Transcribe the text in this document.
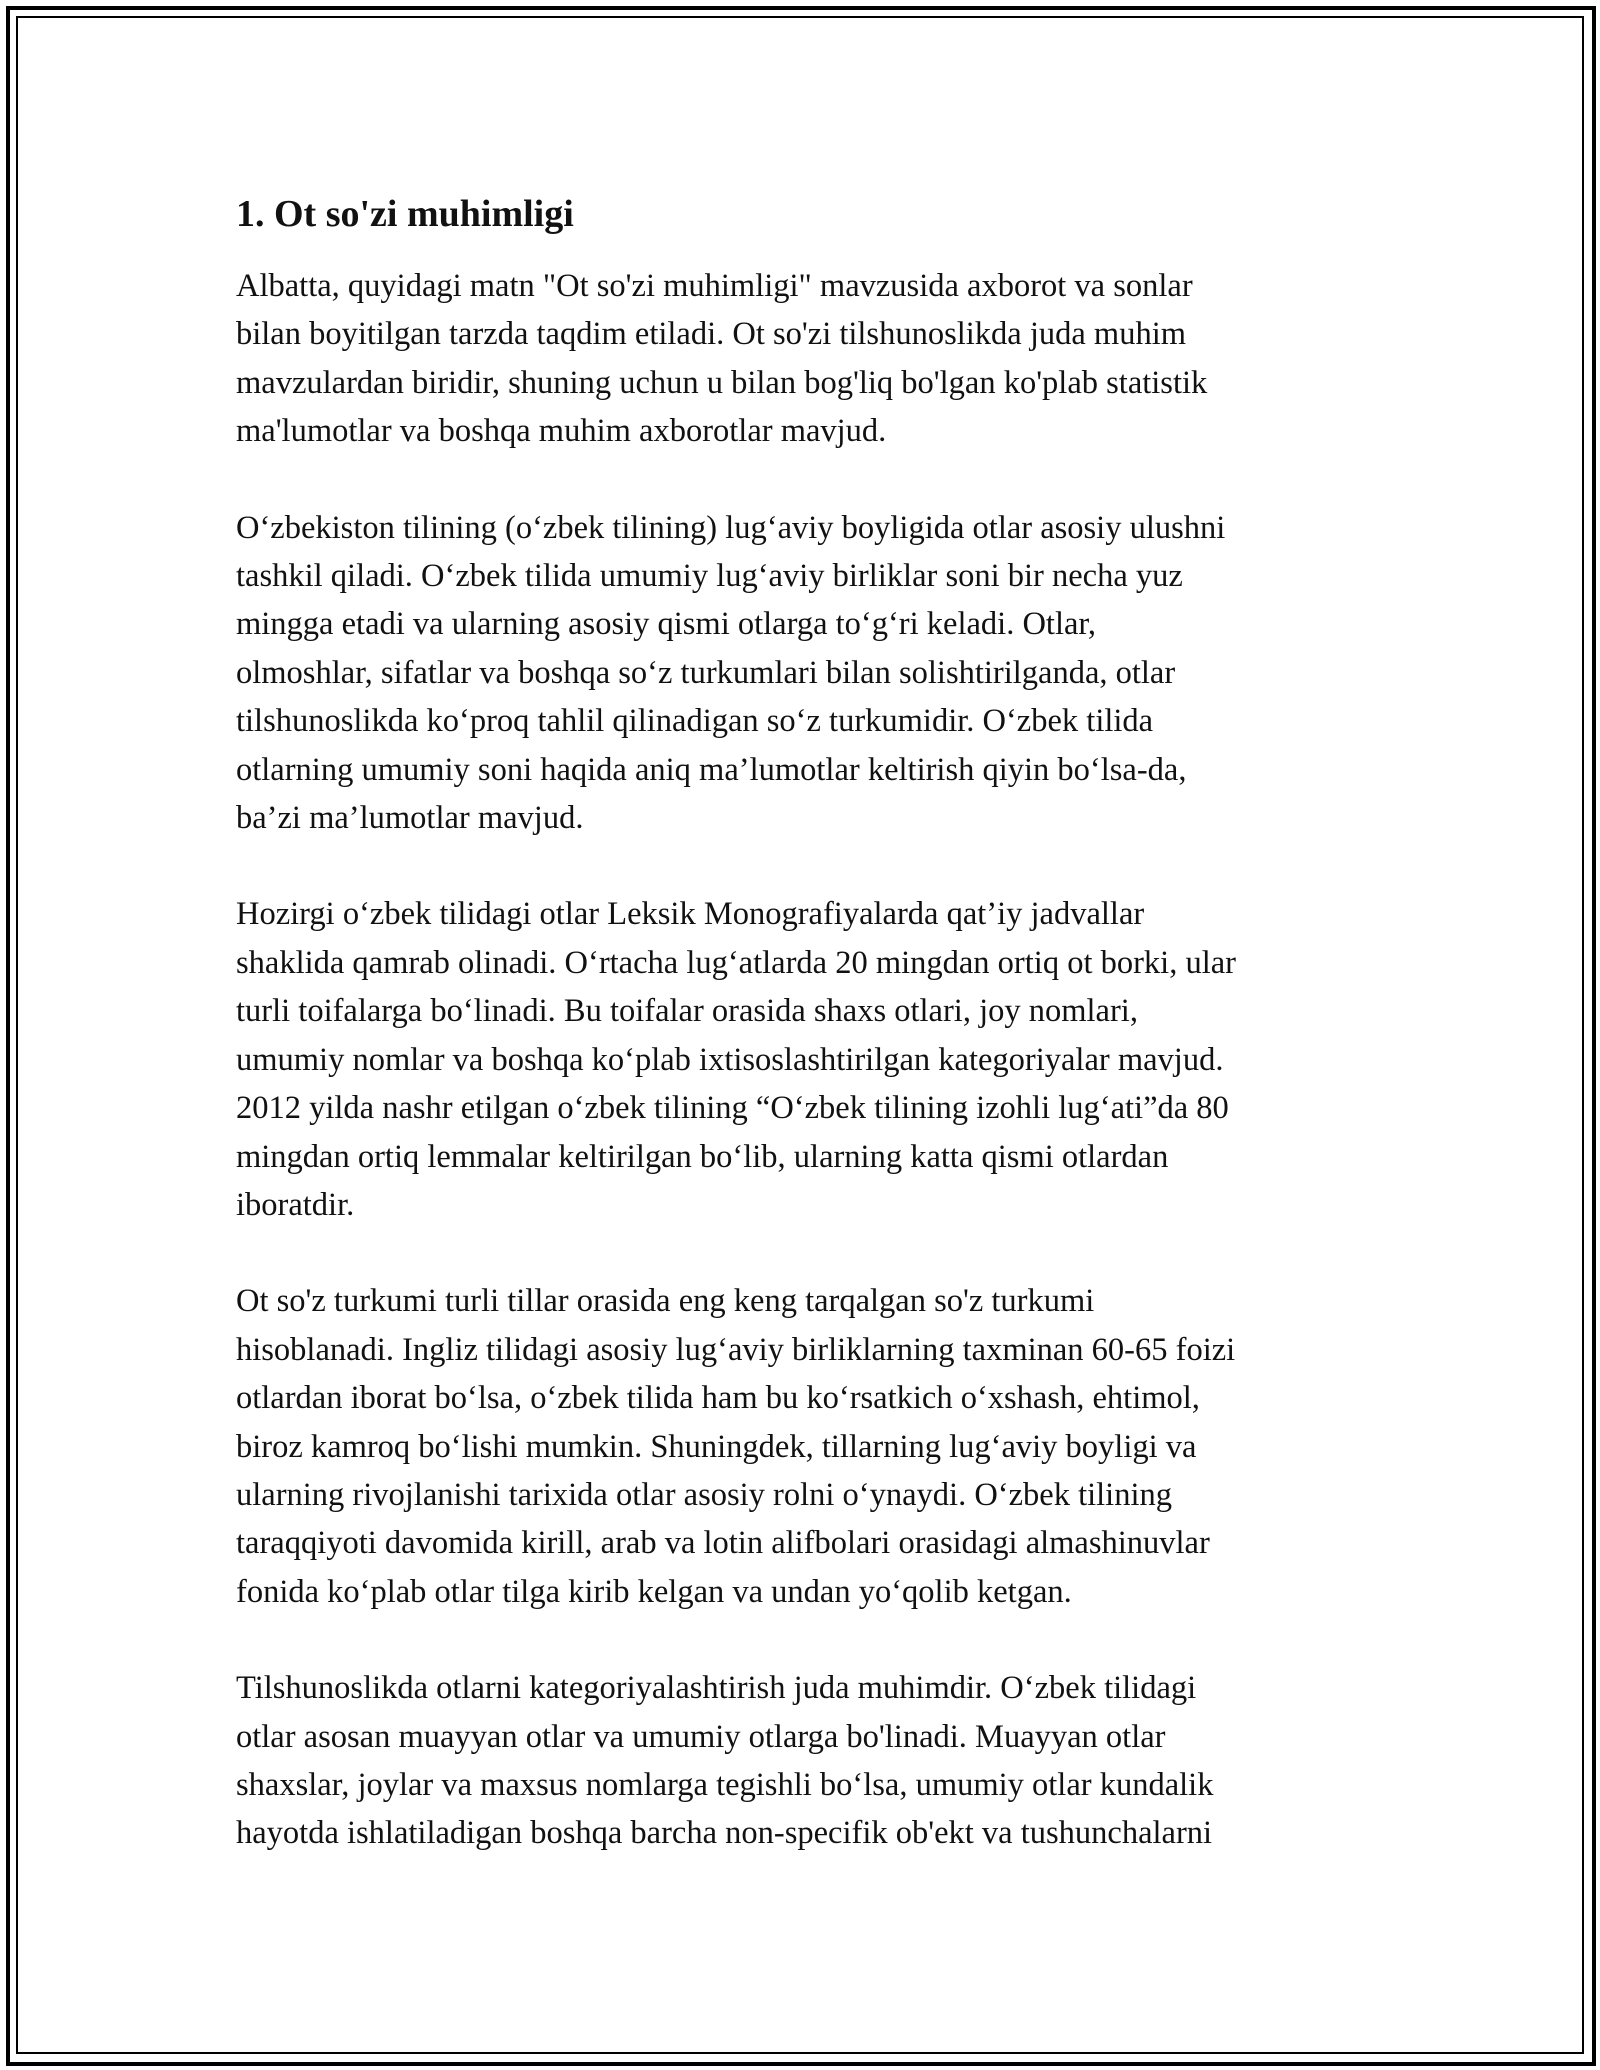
1. Ot so'zi muhimligi

Albatta, quyidagi matn "Ot so'zi muhimligi" mavzusida axborot va sonlar
bilan boyitilgan tarzda taqdim etiladi. Ot so'zi tilshunoslikda juda muhim
mavzulardan biridir, shuning uchun u bilan bog'liq bo'lgan ko'plab statistik
ma'lumotlar va boshqa muhim axborotlar mavjud.

O‘zbekiston tilining (o‘zbek tilining) lug‘aviy boyligida otlar asosiy ulushni
tashkil qiladi. O‘zbek tilida umumiy lug‘aviy birliklar soni bir necha yuz
mingga etadi va ularning asosiy qismi otlarga to‘g‘ri keladi. Otlar,
olmoshlar, sifatlar va boshqa so‘z turkumlari bilan solishtirilganda, otlar
tilshunoslikda ko‘proq tahlil qilinadigan so‘z turkumidir. O‘zbek tilida
otlarning umumiy soni haqida aniq ma’lumotlar keltirish qiyin bo‘lsa-da,
ba’zi ma’lumotlar mavjud.

Hozirgi o‘zbek tilidagi otlar Leksik Monografiyalarda qat’iy jadvallar
shaklida qamrab olinadi. O‘rtacha lug‘atlarda 20 mingdan ortiq ot borki, ular
turli toifalarga bo‘linadi. Bu toifalar orasida shaxs otlari, joy nomlari,
umumiy nomlar va boshqa ko‘plab ixtisoslashtirilgan kategoriyalar mavjud.
2012 yilda nashr etilgan o‘zbek tilining “O‘zbek tilining izohli lug‘ati”da 80
mingdan ortiq lemmalar keltirilgan bo‘lib, ularning katta qismi otlardan
iboratdir.

Ot so'z turkumi turli tillar orasida eng keng tarqalgan so'z turkumi
hisoblanadi. Ingliz tilidagi asosiy lug‘aviy birliklarning taxminan 60-65 foizi
otlardan iborat bo‘lsa, o‘zbek tilida ham bu ko‘rsatkich o‘xshash, ehtimol,
biroz kamroq bo‘lishi mumkin. Shuningdek, tillarning lug‘aviy boyligi va
ularning rivojlanishi tarixida otlar asosiy rolni o‘ynaydi. O‘zbek tilining
taraqqiyoti davomida kirill, arab va lotin alifbolari orasidagi almashinuvlar
fonida ko‘plab otlar tilga kirib kelgan va undan yo‘qolib ketgan.

Tilshunoslikda otlarni kategoriyalashtirish juda muhimdir. O‘zbek tilidagi
otlar asosan muayyan otlar va umumiy otlarga bo'linadi. Muayyan otlar
shaxslar, joylar va maxsus nomlarga tegishli bo‘lsa, umumiy otlar kundalik
hayotda ishlatiladigan boshqa barcha non-specifik ob'ekt va tushunchalarni
